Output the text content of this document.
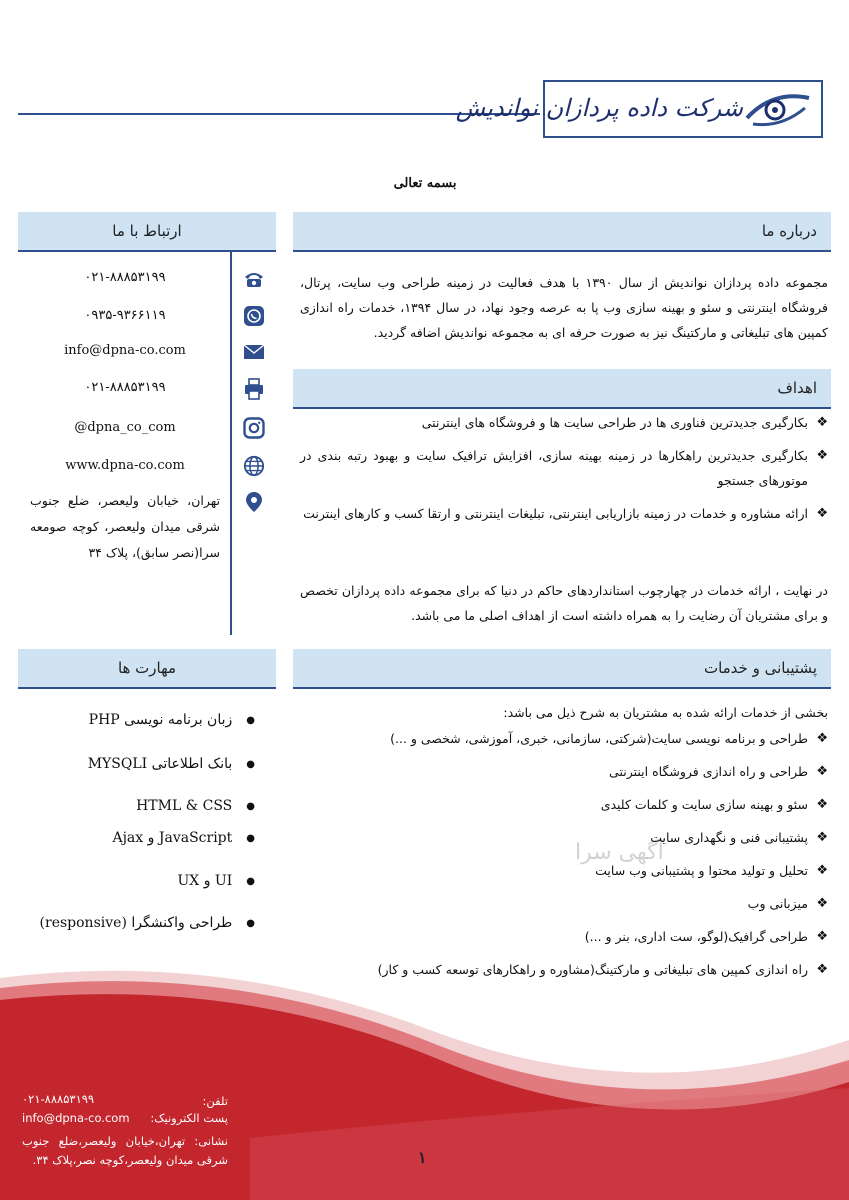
شرکت داده پردازان نواندیش
بسمه تعالی
درباره ما
ارتباط با ما
مجموعه داده پردازان نواندیش از سال ۱۳۹۰ با هدف فعالیت در زمینه طراحی وب سایت، پرتال، فروشگاه اینترنتی و سئو و بهینه سازی وب پا به عرصه وجود نهاد، در سال ۱۳۹۴، خدمات راه اندازی کمپین های تبلیغاتی و مارکتینگ نیز به صورت حرفه ای به مجموعه نواندیش اضافه گردید.
اهداف
❖
بکارگیری جدیدترین فناوری ها در طراحی سایت ها و فروشگاه های اینترنتی
❖
بکارگیری جدیدترین راهکارها در زمینه بهینه سازی، افزایش ترافیک سایت و بهبود رتبه بندی در موتورهای جستجو
❖
ارائه مشاوره و خدمات در زمینه بازاریابی اینترنتی، تبلیغات اینترنتی و ارتقا کسب و کارهای اینترنت
در نهایت ، ارائه خدمات در چهارچوب استانداردهای حاکم در دنیا که برای مجموعه داده پردازان تخصص و برای مشتریان آن رضایت را به همراه داشته است از اهداف اصلی ما می باشد.
۰۲۱-۸۸۸۵۳۱۹۹
۰۹۳۵-۹۳۶۶۱۱۹
info@dpna-co.com
۰۲۱-۸۸۸۵۳۱۹۹
@dpna_co_com
www.dpna-co.com
تهران، خیابان ولیعصر، ضلع جنوب شرقی میدان ولیعصر، کوچه صومعه سرا(نصر سابق)، پلاک ۳۴
مهارت ها
●زبان برنامه نویسی PHP
●بانک اطلاعاتی MYSQLI
●HTML & CSS
●JavaScript و Ajax
●UI و UX
●طراحی واکنشگرا (responsive)
پشتیبانی و خدمات
بخشی از خدمات ارائه شده به مشتریان به شرح ذیل می باشد:
❖
طراحی و برنامه نویسی سایت(شرکتی، سازمانی، خبری، آموزشی، شخصی و ...)
❖
طراحی و راه اندازی فروشگاه اینترنتی
❖
سئو و بهینه سازی سایت و کلمات کلیدی
❖
پشتیبانی فنی و نگهداری سایت
❖
تحلیل و تولید محتوا و پشتیبانی وب سایت
❖
میزبانی وب
❖
طراحی گرافیک(لوگو، ست اداری، بنر و ...)
❖
راه اندازی کمپین های تبلیغاتی و مارکتینگ(مشاوره و راهکارهای توسعه کسب و کار)
آگهی سرا
تلفن:
۰۲۱-۸۸۸۵۳۱۹۹
پست الکترونیک:
info@dpna-co.com
نشانی: تهران،خیابان ولیعصر،ضلع جنوب شرقی میدان ولیعصر،کوچه نصر،پلاک ۳۴.	۱
